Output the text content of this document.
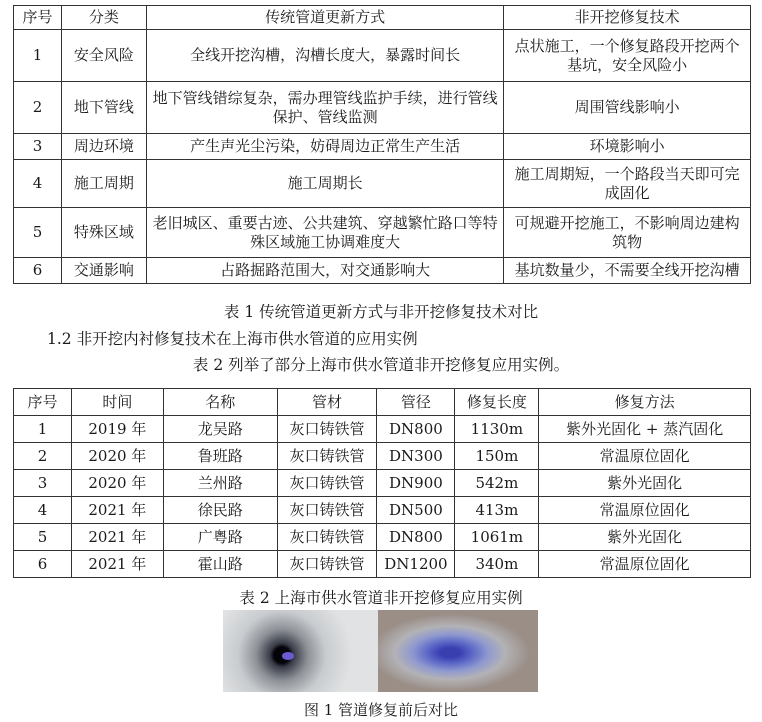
序号	分类	传统管道更新方式	非开挖修复技术
1	安全风险	全线开挖沟槽，沟槽长度大，暴露时间长	点状施工，一个修复路段开挖两个基坑，安全风险小
2	地下管线	地下管线错综复杂，需办理管线监护手续，进行管线保护、管线监测	周围管线影响小
3	周边环境	产生声光尘污染，妨碍周边正常生产生活	环境影响小
4	施工周期	施工周期长	施工周期短，一个路段当天即可完成固化
5	特殊区域	老旧城区、重要古迹、公共建筑、穿越繁忙路口等特殊区域施工协调难度大	可规避开挖施工，不影响周边建构筑物
6	交通影响	占路掘路范围大，对交通影响大	基坑数量少，不需要全线开挖沟槽
表 1 传统管道更新方式与非开挖修复技术对比
1.2 非开挖内衬修复技术在上海市供水管道的应用实例
表 2 列举了部分上海市供水管道非开挖修复应用实例。
序号	时间	名称	管材	管径	修复长度	修复方法
1	2019 年	龙吴路	灰口铸铁管	DN800	1130m	紫外光固化 + 蒸汽固化
2	2020 年	鲁班路	灰口铸铁管	DN300	150m	常温原位固化
3	2020 年	兰州路	灰口铸铁管	DN900	542m	紫外光固化
4	2021 年	徐民路	灰口铸铁管	DN500	413m	常温原位固化
5	2021 年	广粤路	灰口铸铁管	DN800	1061m	紫外光固化
6	2021 年	霍山路	灰口铸铁管	DN1200	340m	常温原位固化
表 2 上海市供水管道非开挖修复应用实例
图 1 管道修复前后对比
